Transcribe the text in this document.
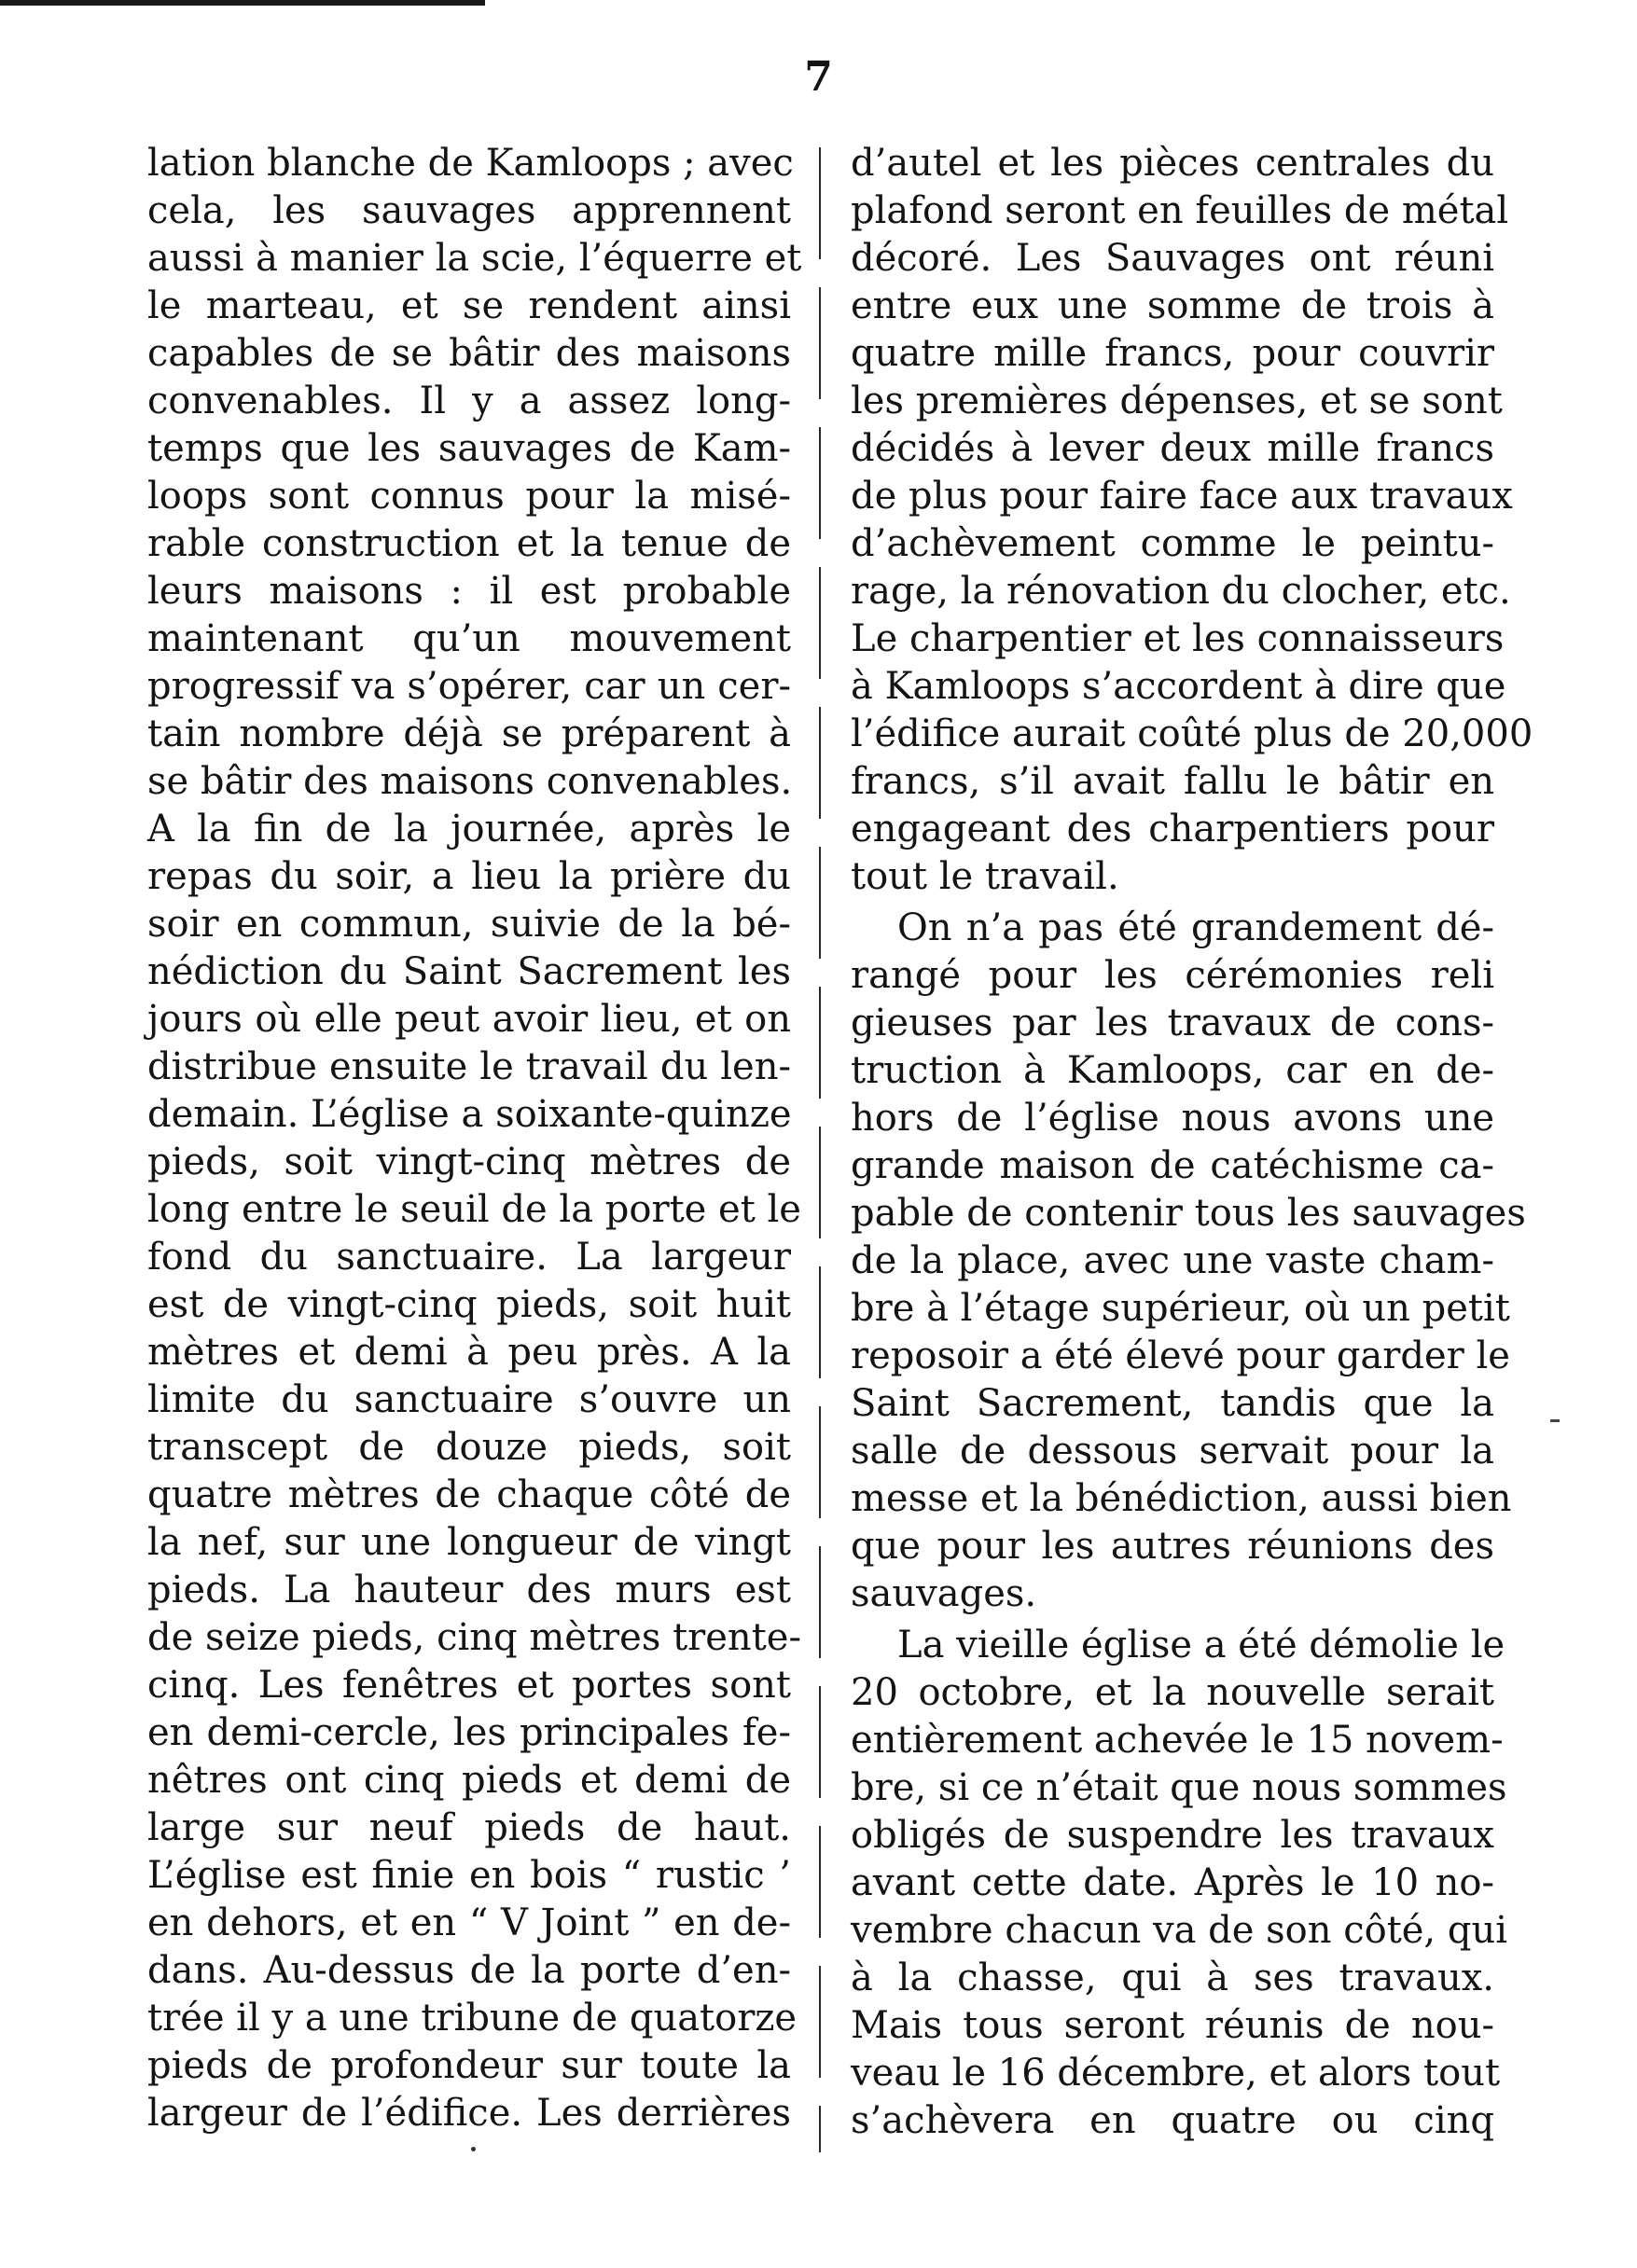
7
lation blanche de Kamloops ; avec
cela, les sauvages apprennent
aussi à manier la scie, l’équerre et
le marteau, et se rendent ainsi
capables de se bâtir des maisons
convenables. Il y a assez long-
temps que les sauvages de Kam-
loops sont connus pour la misé-
rable construction et la tenue de
leurs maisons : il est probable
maintenant qu’un mouvement
progressif va s’opérer, car un cer-
tain nombre déjà se préparent à
se bâtir des maisons convenables.
A la fin de la journée, après le
repas du soir, a lieu la prière du
soir en commun, suivie de la bé-
nédiction du Saint Sacrement les
jours où elle peut avoir lieu, et on
distribue ensuite le travail du len-
demain. L’église a soixante-quinze
pieds, soit vingt-cinq mètres de
long entre le seuil de la porte et le
fond du sanctuaire. La largeur
est de vingt-cinq pieds, soit huit
mètres et demi à peu près. A la
limite du sanctuaire s’ouvre un
transcept de douze pieds, soit
quatre mètres de chaque côté de
la nef, sur une longueur de vingt
pieds. La hauteur des murs est
de seize pieds, cinq mètres trente-
cinq. Les fenêtres et portes sont
en demi-cercle, les principales fe-
nêtres ont cinq pieds et demi de
large sur neuf pieds de haut.
L’église est finie en bois “ rustic ’
en dehors, et en “ V Joint ” en de-
dans. Au-dessus de la porte d’en-
trée il y a une tribune de quatorze
pieds de profondeur sur toute la
largeur de l’édifice. Les derrières
d’autel et les pièces centrales du
plafond seront en feuilles de métal
décoré. Les Sauvages ont réuni
entre eux une somme de trois à
quatre mille francs, pour couvrir
les premières dépenses, et se sont
décidés à lever deux mille francs
de plus pour faire face aux travaux
d’achèvement comme le peintu-
rage, la rénovation du clocher, etc.
Le charpentier et les connaisseurs
à Kamloops s’accordent à dire que
l’édifice aurait coûté plus de 20,000
francs, s’il avait fallu le bâtir en
engageant des charpentiers pour
tout le travail.
On n’a pas été grandement dé-
rangé pour les cérémonies reli
gieuses par les travaux de cons-
truction à Kamloops, car en de-
hors de l’église nous avons une
grande maison de catéchisme ca-
pable de contenir tous les sauvages
de la place, avec une vaste cham-
bre à l’étage supérieur, où un petit
reposoir a été élevé pour garder le
Saint Sacrement, tandis que la
salle de dessous servait pour la
messe et la bénédiction, aussi bien
que pour les autres réunions des
sauvages.
La vieille église a été démolie le
20 octobre, et la nouvelle serait
entièrement achevée le 15 novem-
bre, si ce n’était que nous sommes
obligés de suspendre les travaux
avant cette date. Après le 10 no-
vembre chacun va de son côté, qui
à la chasse, qui à ses travaux.
Mais tous seront réunis de nou-
veau le 16 décembre, et alors tout
s’achèvera en quatre ou cinq
